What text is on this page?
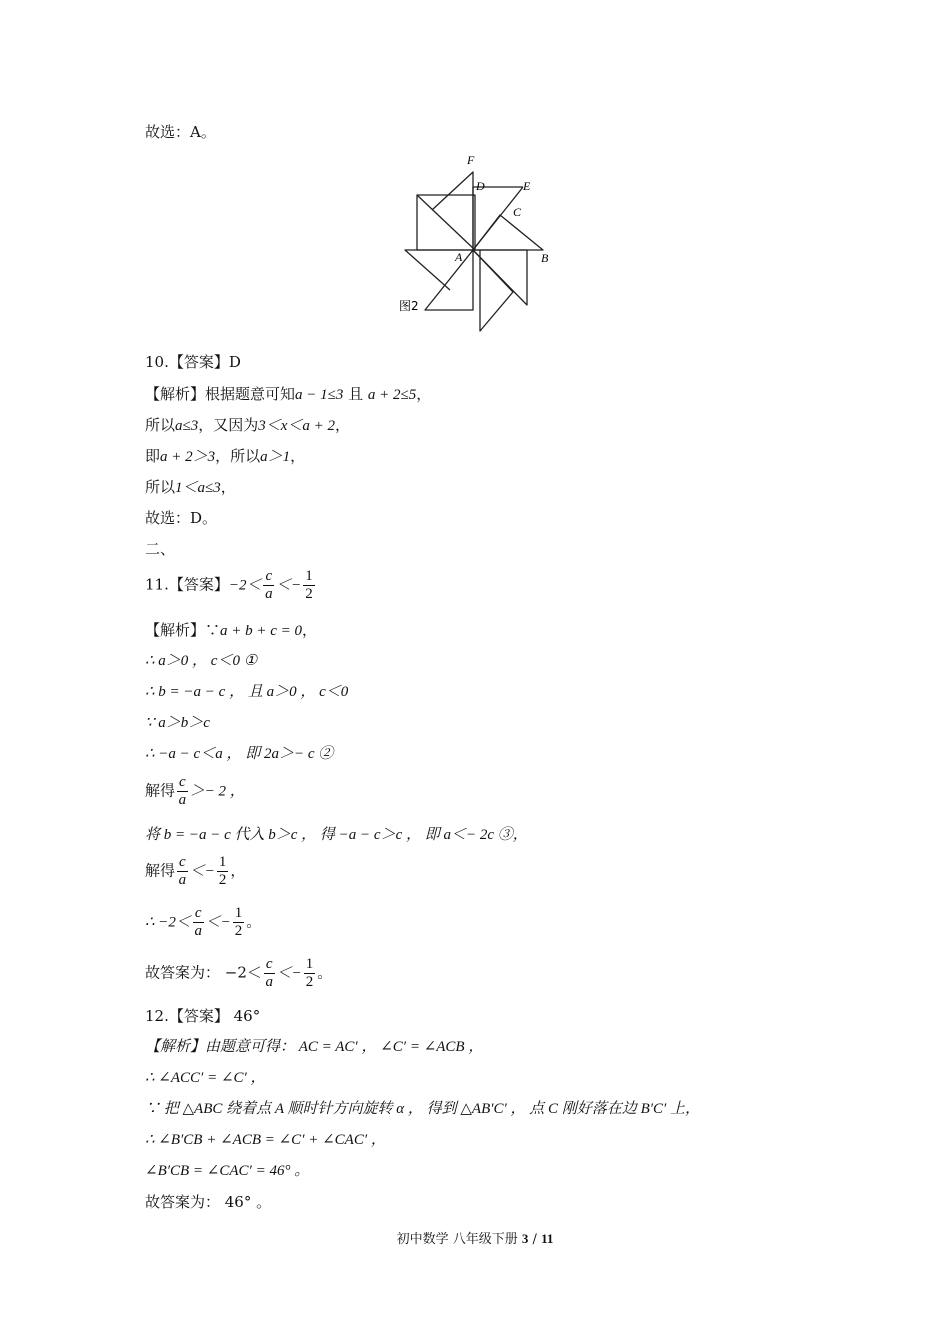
故选：A。
F
D	E
C
A	B
图2
10.【答案】D
【解析】根据题意可知a − 1≤3 且 a + 2≤5，
所以a≤3，又因为3＜x＜a + 2，
即a + 2＞3，所以a＞1，
所以1＜a≤3，
故选：D。
二、
11.【答案】$-2< \frac{c}{a} <- \frac{1}{2}$
【解析】∵a + b + c = 0，
∴ a＞0 ， c＜0 ①
∴ b = −a − c ， 且 a＞0 ， c＜0
∵ a＞b＞c
∴ −a − c＜a ， 即 2a＞− c ②
解得 $\frac{c}{a} >- 2$ ，
将 b = −a − c 代入 b＞c ， 得 −a − c＞c ， 即 a＜− 2c ③，
解得 $\frac{c}{a} <- \frac{1}{2}$ ，
∴ $-2< \frac{c}{a} <- \frac{1}{2}$ 。
故答案为： $-2< \frac{c}{a} <- \frac{1}{2}$ 。
12.【答案】 46°
【解析】由题意可得： AC = AC′ ， ∠C′ = ∠ACB ，
∴ ∠ACC′ = ∠C′ ，
∵ 把 △ABC 绕着点 A 顺时针方向旋转 α ， 得到 △AB′C′ ， 点 C 刚好落在边 B′C′ 上，
∴ ∠B′CB + ∠ACB = ∠C′ + ∠CAC′ ，
∠B′CB = ∠CAC′ = 46° 。
故答案为： 46° 。
初中数学 八年级下册 3 / 11
